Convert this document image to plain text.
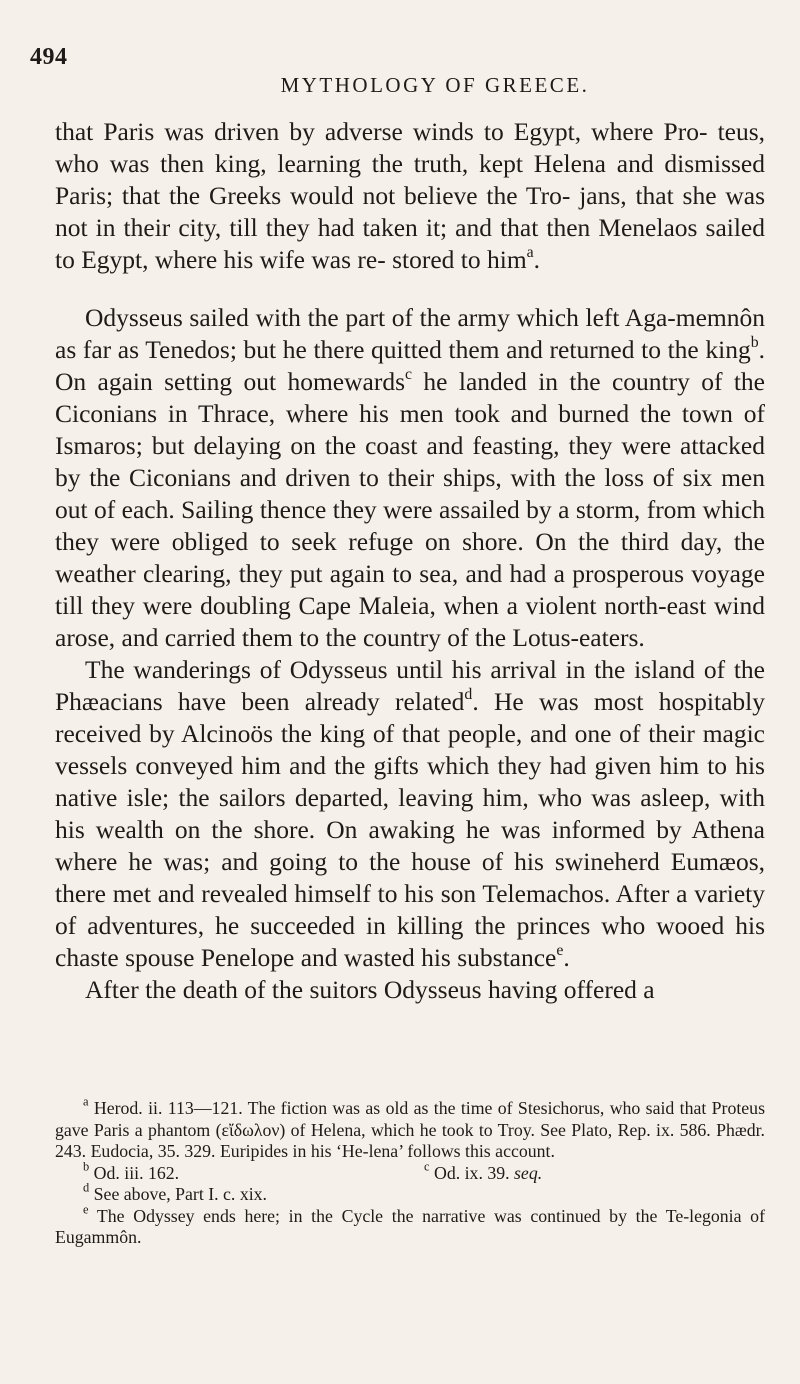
494
MYTHOLOGY OF GREECE.

that Paris was driven by adverse winds to Egypt, where Pro- teus, who was then king, learning the truth, kept Helena and dismissed Paris; that the Greeks would not believe the Tro- jans, that she was not in their city, till they had taken it; and that then Menelaos sailed to Egypt, where his wife was re- stored to him$^a$.

Odysseus sailed with the part of the army which left Aga-memnôn as far as Tenedos; but he there quitted them and returned to the king$^b$. On again setting out homewards$^c$ he landed in the country of the Ciconians in Thrace, where his men took and burned the town of Ismaros; but delaying on the coast and feasting, they were attacked by the Ciconians and driven to their ships, with the loss of six men out of each. Sailing thence they were assailed by a storm, from which they were obliged to seek refuge on shore. On the third day, the weather clearing, they put again to sea, and had a prosperous voyage till they were doubling Cape Maleia, when a violent north-east wind arose, and carried them to the country of the Lotus-eaters.

The wanderings of Odysseus until his arrival in the island of the Phæacians have been already related$^d$. He was most hospitably received by Alcinoös the king of that people, and one of their magic vessels conveyed him and the gifts which they had given him to his native isle; the sailors departed, leaving him, who was asleep, with his wealth on the shore. On awaking he was informed by Athena where he was; and going to the house of his swineherd Eumæos, there met and revealed himself to his son Telemachos. After a variety of adventures, he succeeded in killing the princes who wooed his chaste spouse Penelope and wasted his substance$^e$.

After the death of the suitors Odysseus having offered a

$^a$ Herod. ii. 113—121. The fiction was as old as the time of Stesichorus, who said that Proteus gave Paris a phantom (εἴδωλον) of Helena, which he took to Troy. See Plato, Rep. ix. 586. Phædr. 243. Eudocia, 35. 329. Euripides in his ‘He-lena’ follows this account.

$^b$ Od. iii. 162.	$^c$ Od. ix. 39. seq.

$^d$ See above, Part I. c. xix.

$^e$ The Odyssey ends here; in the Cycle the narrative was continued by the Te-legonia of Eugammôn.
